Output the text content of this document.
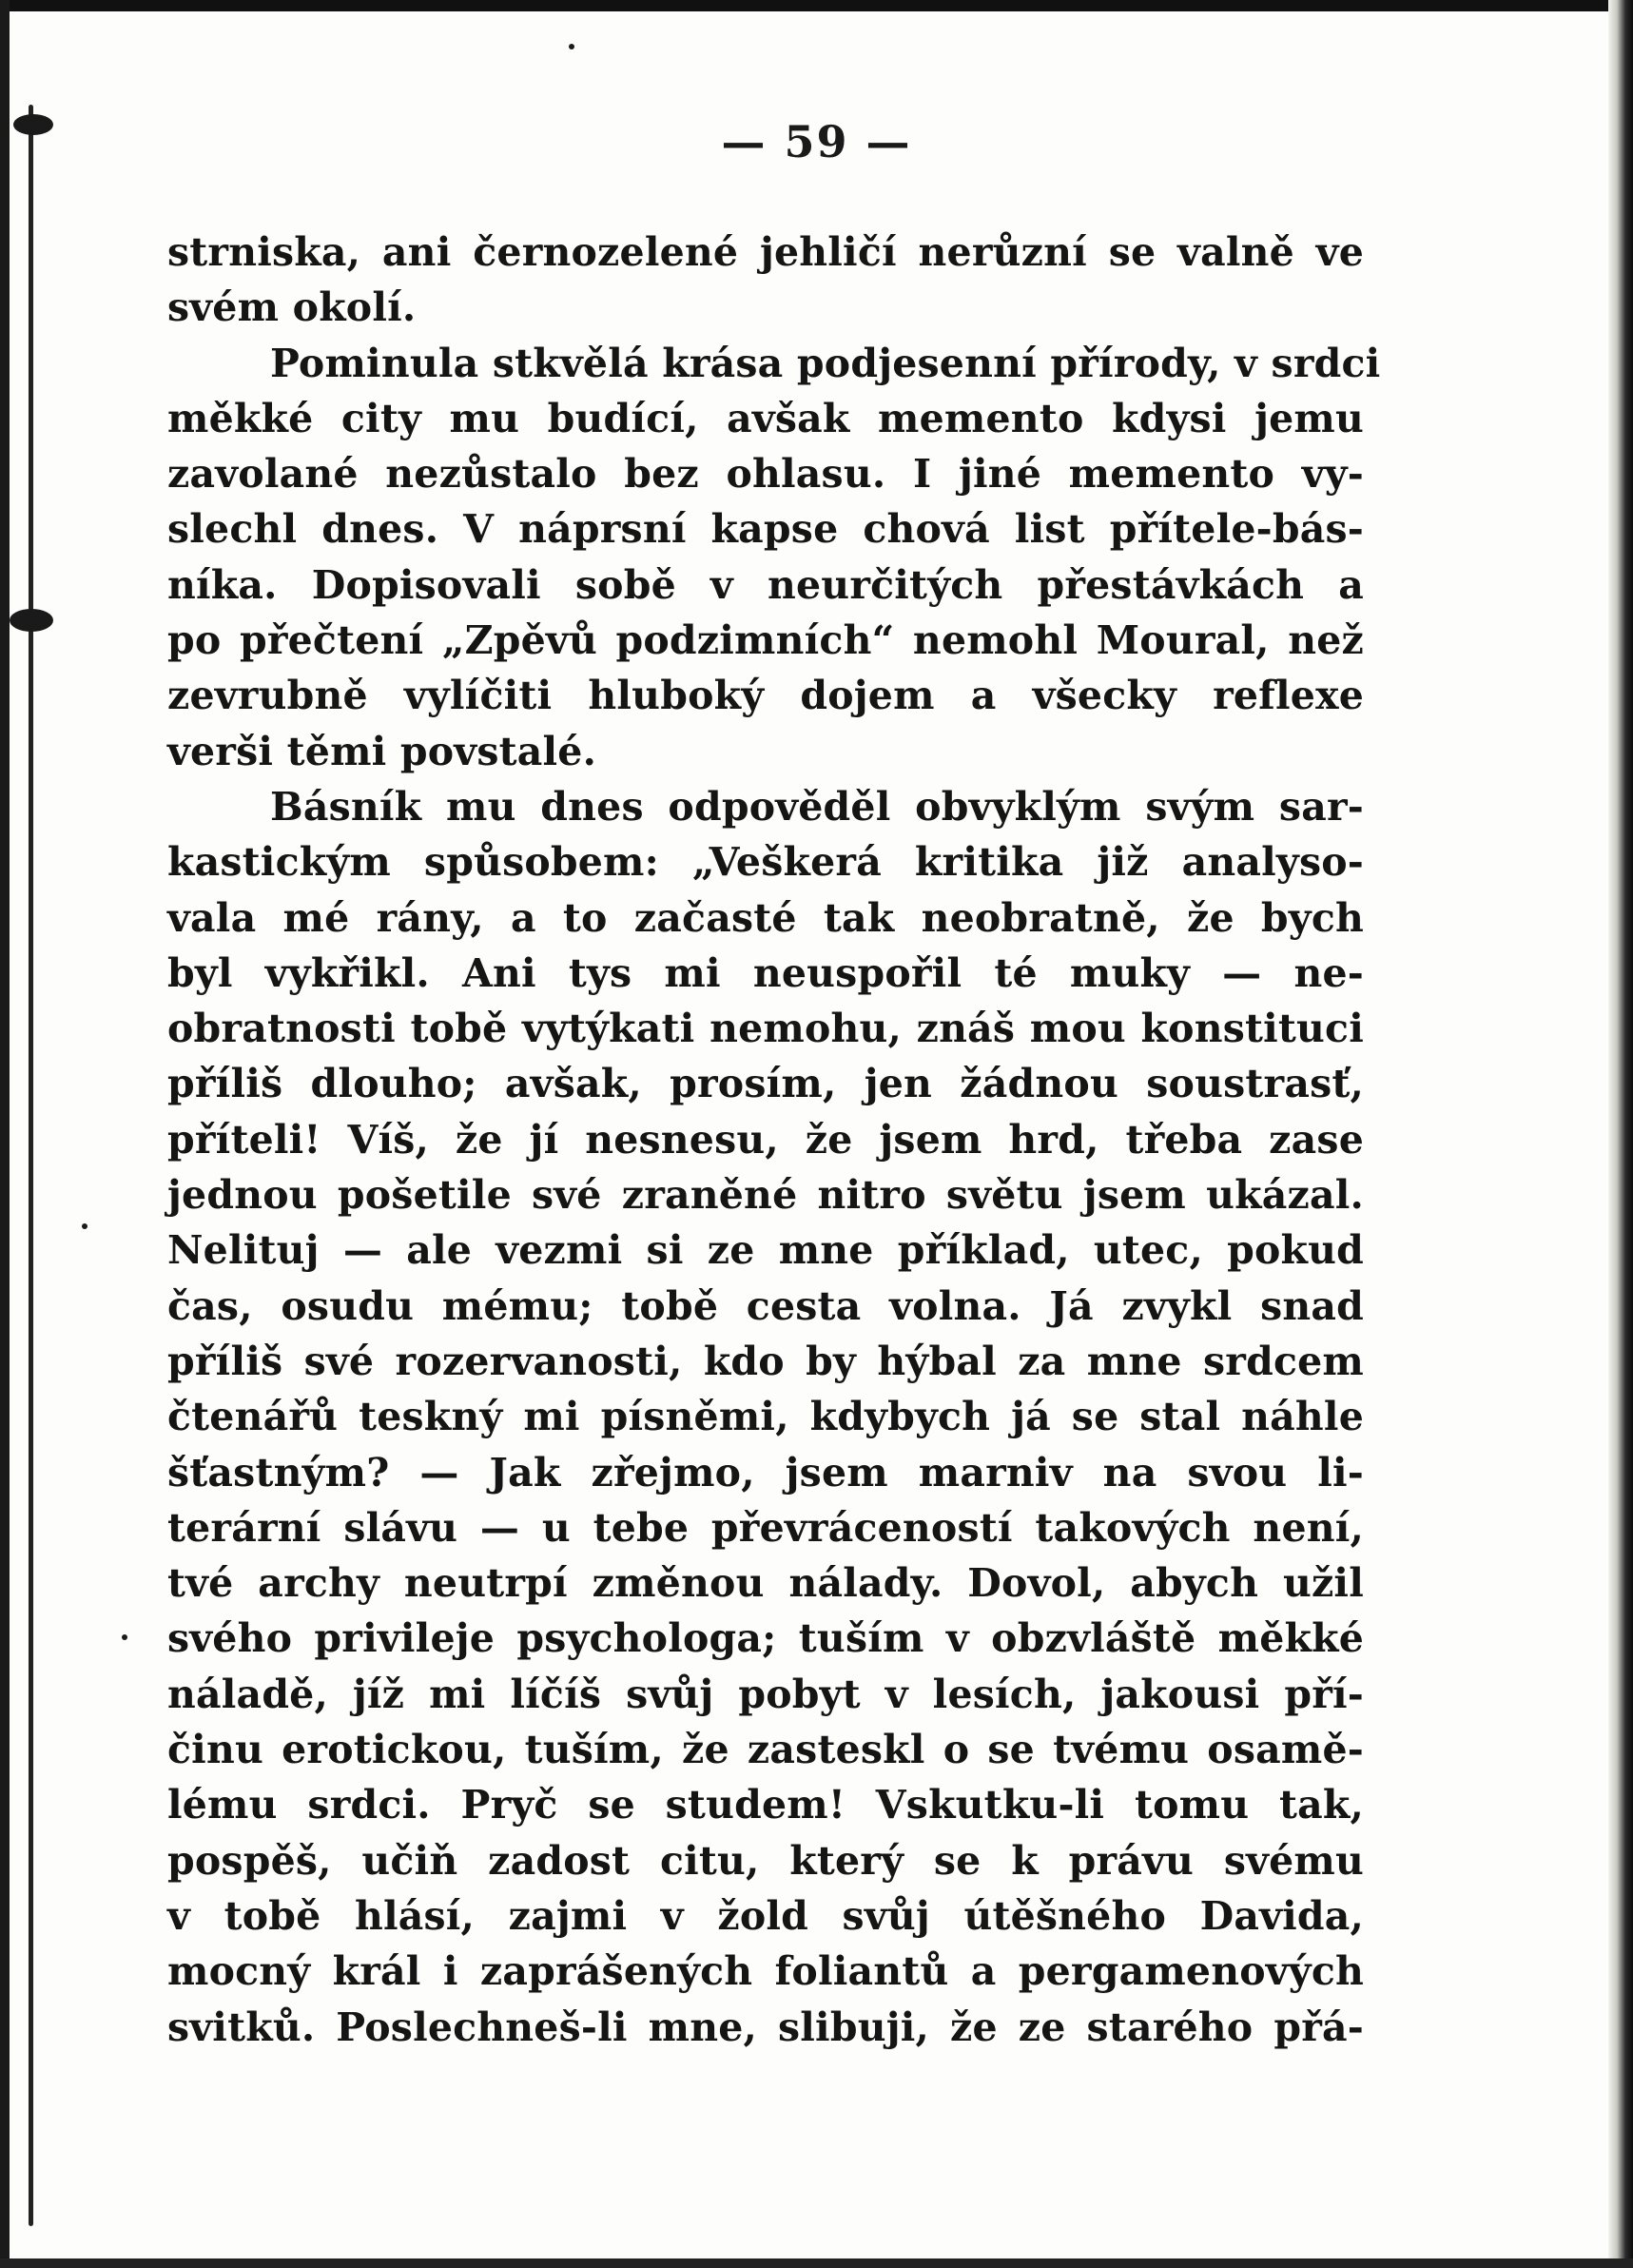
— 59 —
strniska, ani černozelené jehličí nerůzní se valně ve
svém okolí.
Pominula stkvělá krása podjesenní přírody, v srdci
měkké city mu budící, avšak memento kdysi jemu
zavolané nezůstalo bez ohlasu. I jiné memento vy-
slechl dnes. V náprsní kapse chová list přítele-bás-
níka. Dopisovali sobě v neurčitých přestávkách a
po přečtení „Zpěvů podzimních“ nemohl Moural, než
zevrubně vylíčiti hluboký dojem a všecky reflexe
verši těmi povstalé.
Básník mu dnes odpověděl obvyklým svým sar-
kastickým spůsobem: „Veškerá kritika již analyso-
vala mé rány, a to začasté tak neobratně, že bych
byl vykřikl. Ani tys mi neuspořil té muky — ne-
obratnosti tobě vytýkati nemohu, znáš mou konstituci
příliš dlouho; avšak, prosím, jen žádnou soustrasť,
příteli! Víš, že jí nesnesu, že jsem hrd, třeba zase
jednou pošetile své zraněné nitro světu jsem ukázal.
Nelituj — ale vezmi si ze mne příklad, utec, pokud
čas, osudu mému; tobě cesta volna. Já zvykl snad
příliš své rozervanosti, kdo by hýbal za mne srdcem
čtenářů teskný mi písněmi, kdybych já se stal náhle
šťastným? — Jak zřejmo, jsem marniv na svou li-
terární slávu — u tebe převráceností takových není,
tvé archy neutrpí změnou nálady. Dovol, abych užil
svého privileje psychologa; tuším v obzvláště měkké
náladě, jíž mi líčíš svůj pobyt v lesích, jakousi pří-
činu erotickou, tuším, že zasteskl o se tvému osamě-
lému srdci. Pryč se studem! Vskutku-li tomu tak,
pospěš, učiň zadost citu, který se k právu svému
v tobě hlásí, zajmi v žold svůj útěšného Davida,
mocný král i zaprášených foliantů a pergamenových
svitků. Poslechneš-li mne, slibuji, že ze starého přá-
